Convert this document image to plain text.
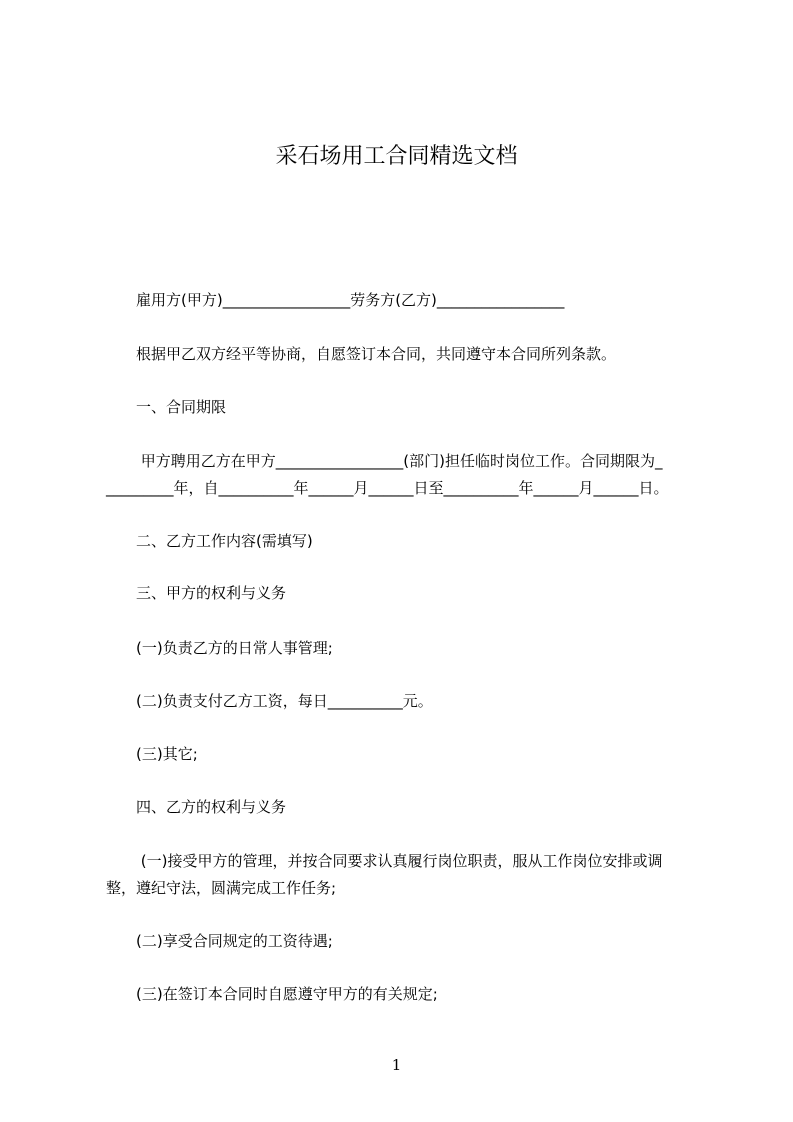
采石场用工合同精选文档
雇用方(甲方)_________________劳务方(乙方)_________________
根据甲乙双方经平等协商，自愿签订本合同，共同遵守本合同所列条款。
一、合同期限
甲方聘用乙方在甲方_________________(部门)担任临时岗位工作。合同期限为_
_________年，自__________年______月______日至__________年______月______日。
二、乙方工作内容(需填写)
三、甲方的权利与义务
(一)负责乙方的日常人事管理;
(二)负责支付乙方工资，每日__________元。
(三)其它;
四、乙方的权利与义务
(一)接受甲方的管理，并按合同要求认真履行岗位职责，服从工作岗位安排或调
整，遵纪守法，圆满完成工作任务;
(二)享受合同规定的工资待遇;
(三)在签订本合同时自愿遵守甲方的有关规定;
1
